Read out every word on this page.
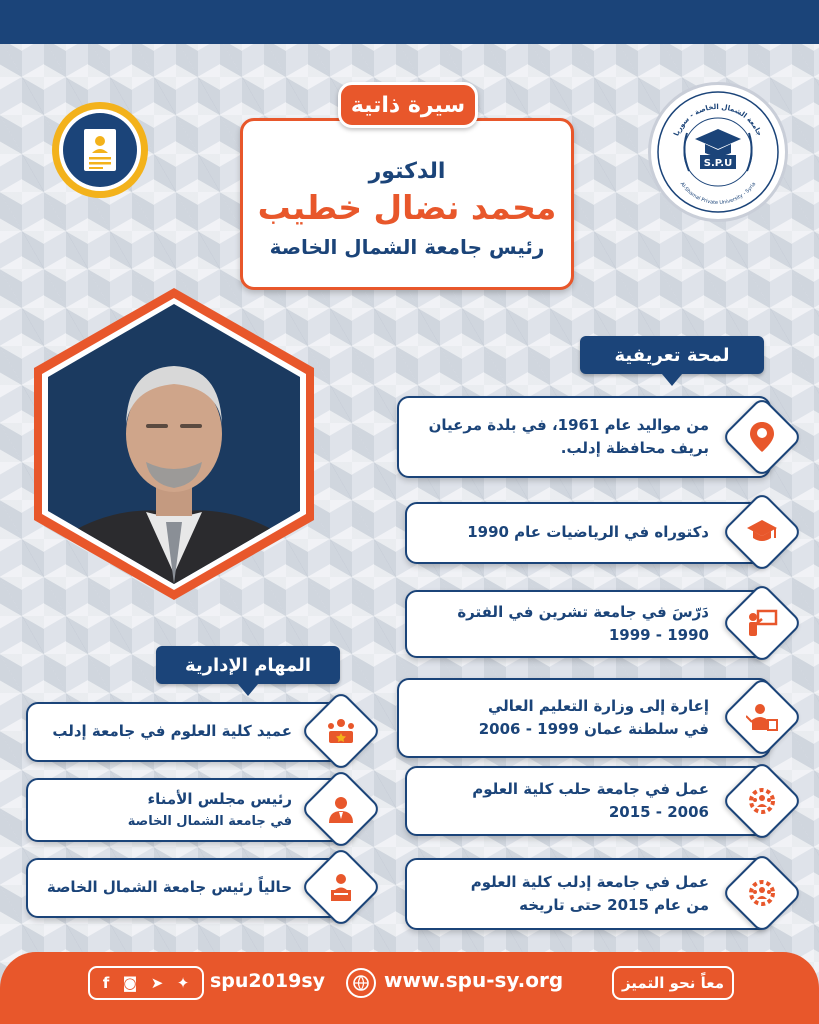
سيرة ذاتية
الدكتور
محمد نضال خطيب
رئيس جامعة الشمال الخاصة
جامعة الشمال الخاصة - سوريا
Al-Shamal Private University - Syria
S.P.U
لمحة تعريفية
المهام الإدارية
من مواليد عام 1961، في بلدة مرعيان
بريف محافظة إدلب.
دكتوراه في الرياضيات عام 1990
دَرّسَ في جامعة تشرين في الفترة
1990 - 1999
إعارة إلى وزارة التعليم العالي
في سلطنة عمان 1999 - 2006
عمل في جامعة حلب كلية العلوم
2006 - 2015
عمل في جامعة إدلب كلية العلوم
من عام 2015 حتى تاريخه
عميد كلية العلوم في جامعة إدلب
رئيس مجلس الأمناء
في جامعة الشمال الخاصة
حالياً رئيس جامعة الشمال الخاصة
f ◙ ➤ ✦ spu2019sy	www.spu-sy.org	معاً نحو التميز
